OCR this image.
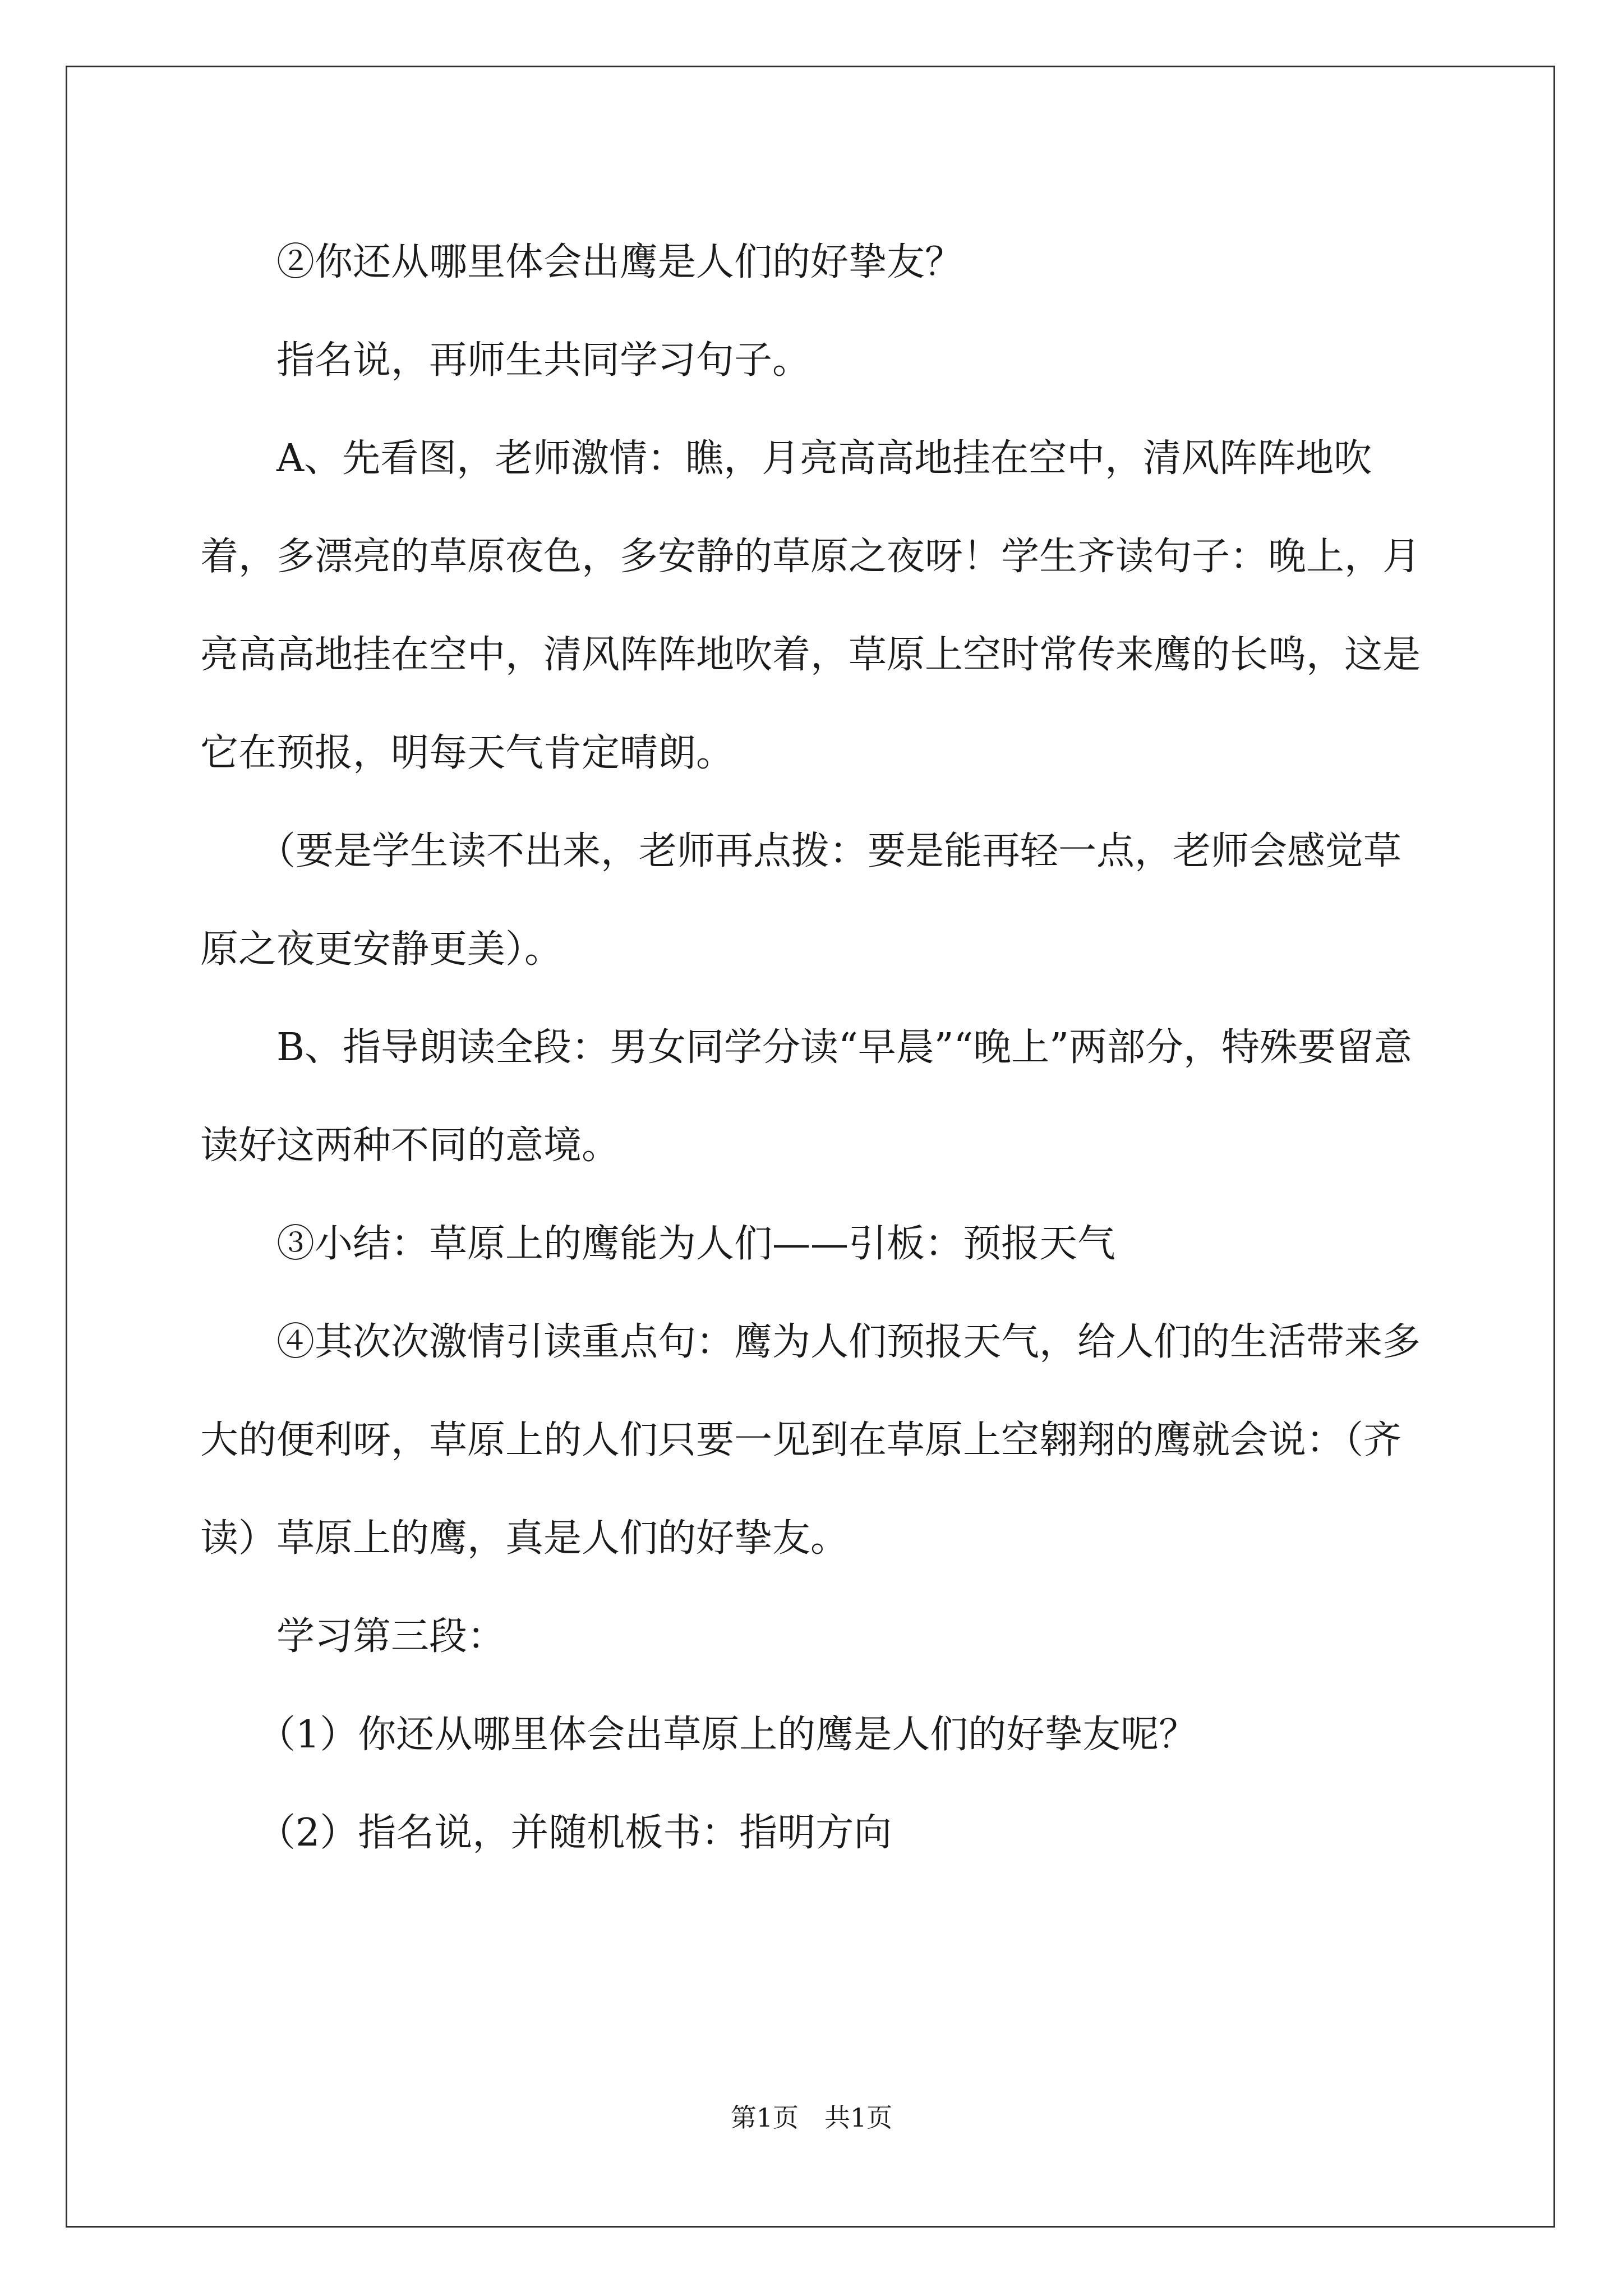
　　②你还从哪里体会出鹰是人们的好挚友？

　　指名说，再师生共同学习句子。

　　A、先看图，老师激情：瞧，月亮高高地挂在空中，清风阵阵地吹着，多漂亮的草原夜色，多安静的草原之夜呀！学生齐读句子：晚上，月亮高高地挂在空中，清风阵阵地吹着，草原上空时常传来鹰的长鸣，这是它在预报，明每天气肯定晴朗。

　　（要是学生读不出来，老师再点拨：要是能再轻一点，老师会感觉草原之夜更安静更美）。

　　B、指导朗读全段：男女同学分读“早晨”“晚上”两部分，特殊要留意读好这两种不同的意境。

　　③小结：草原上的鹰能为人们——引板：预报天气

　　④其次次激情引读重点句：鹰为人们预报天气，给人们的生活带来多大的便利呀，草原上的人们只要一见到在草原上空翱翔的鹰就会说：（齐读）草原上的鹰，真是人们的好挚友。

　　学习第三段：

　　（1）你还从哪里体会出草原上的鹰是人们的好挚友呢？

　　（2）指名说，并随机板书：指明方向

第1页　共1页
